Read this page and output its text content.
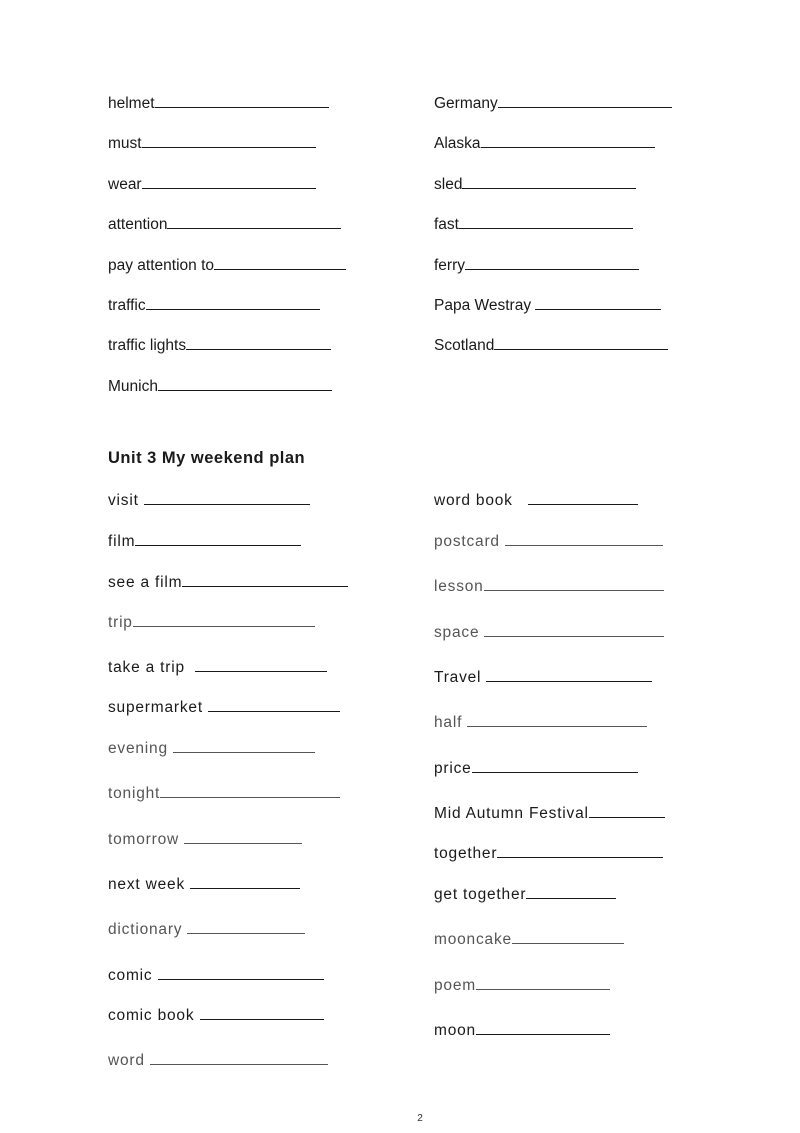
helmet
must
wear
attention
pay attention to
traffic
traffic lights
Munich
Germany
Alaska
sled
fast
ferry
Papa Westray
Scotland
Unit 3 My weekend plan
visit
film
see a film
trip
take a trip
supermarket
evening
tonight
tomorrow
next week
dictionary
comic
comic book
word
word book
postcard
lesson
space
Travel
half
price
Mid Autumn Festival
together
get together
mooncake
poem
moon
2
